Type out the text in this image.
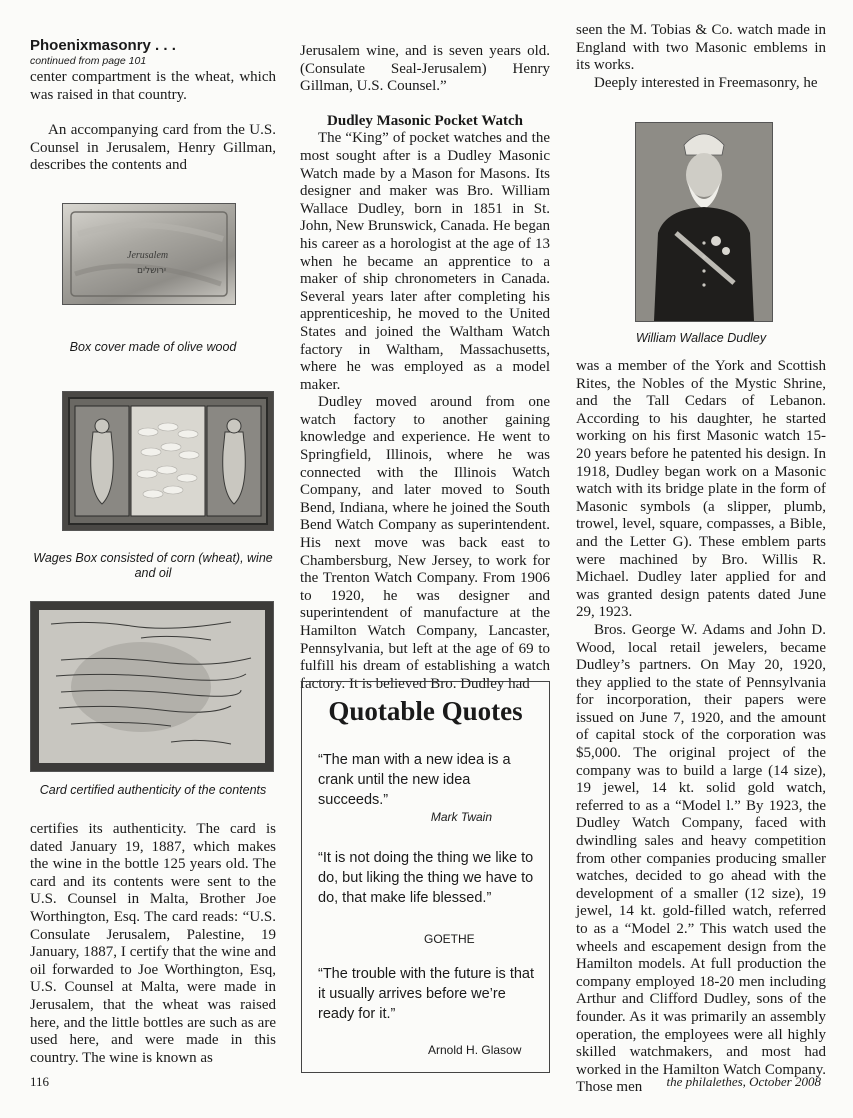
Phoenixmasonry . . .
continued from page 101

center compartment is the wheat, which was raised in that country.

An accompanying card from the U.S. Counsel in Jerusalem, Henry Gillman, describes the contents and

Jerusalem
ירושלים
Box cover made of olive wood
Wages Box consisted of corn (wheat), wine and oil
Card certified authenticity of the contents

certifies its authenticity. The card is dated January 19, 1887, which makes the wine in the bottle 125 years old. The card and its contents were sent to the U.S. Counsel in Malta, Brother Joe Worthington, Esq. The card reads: “U.S. Consulate Jerusalem, Palestine, 19 January, 1887, I certify that the wine and oil forwarded to Joe Worthington, Esq, U.S. Counsel at Malta, were made in Jerusalem, that the wheat was raised here, and the little bottles are such as are used here, and were made in this country. The wine is known as

Jerusalem wine, and is seven years old. (Consulate Seal-Jerusalem) Henry Gillman, U.S. Counsel.”

Dudley Masonic Pocket Watch

The “King” of pocket watches and the most sought after is a Dudley Masonic Watch made by a Mason for Masons. Its designer and maker was Bro. William Wallace Dudley, born in 1851 in St. John, New Brunswick, Canada. He began his career as a horologist at the age of 13 when he became an apprentice to a maker of ship chronometers in Canada. Several years later after completing his apprenticeship, he moved to the United States and joined the Waltham Watch factory in Waltham, Massachusetts, where he was employed as a model maker.

Dudley moved around from one watch factory to another gaining knowledge and experience. He went to Springfield, Illinois, where he was connected with the Illinois Watch Company, and later moved to South Bend, Indiana, where he joined the South Bend Watch Company as superintendent. His next move was back east to Chambersburg, New Jersey, to work for the Trenton Watch Company. From 1906 to 1920, he was designer and superintendent of manufacture at the Hamilton Watch Company, Lancaster, Pennsylvania, but left at the age of 69 to fulfill his dream of establishing a watch factory. It is believed Bro. Dudley had

Quotable Quotes
“The man with a new idea is a crank until the new idea succeeds.”
Mark Twain
“It is not doing the thing we like to do, but liking the thing we have to do, that make life blessed.”
GOETHE
“The trouble with the future is that it usually arrives before we’re ready for it.”
Arnold H. Glasow

seen the M. Tobias & Co. watch made in England with two Masonic emblems in its works.

Deeply interested in Freemasonry, he

William Wallace Dudley

was a member of the York and Scottish Rites, the Nobles of the Mystic Shrine, and the Tall Cedars of Lebanon. According to his daughter, he started working on his first Masonic watch 15-20 years before he patented his design. In 1918, Dudley began work on a Masonic watch with its bridge plate in the form of Masonic symbols (a slipper, plumb, trowel, level, square, compasses, a Bible, and the Letter G). These emblem parts were machined by Bro. Willis R. Michael. Dudley later applied for and was granted design patents dated June 29, 1923.

Bros. George W. Adams and John D. Wood, local retail jewelers, became Dudley’s partners. On May 20, 1920, they applied to the state of Pennsylvania for incorporation, their papers were issued on June 7, 1920, and the amount of capital stock of the corporation was $5,000. The original project of the company was to build a large (14 size), 19 jewel, 14 kt. solid gold watch, referred to as a “Model l.” By 1923, the Dudley Watch Company, faced with dwindling sales and heavy competition from other companies producing smaller watches, decided to go ahead with the development of a smaller (12 size), 19 jewel, 14 kt. gold-filled watch, referred to as a “Model 2.” This watch used the wheels and escapement design from the Hamilton models. At full production the company employed 18-20 men including Arthur and Clifford Dudley, sons of the founder. As it was primarily an assembly operation, the employees were all highly skilled watchmakers, and most had worked in the Hamilton Watch Company. Those men

116	the philalethes, October 2008
